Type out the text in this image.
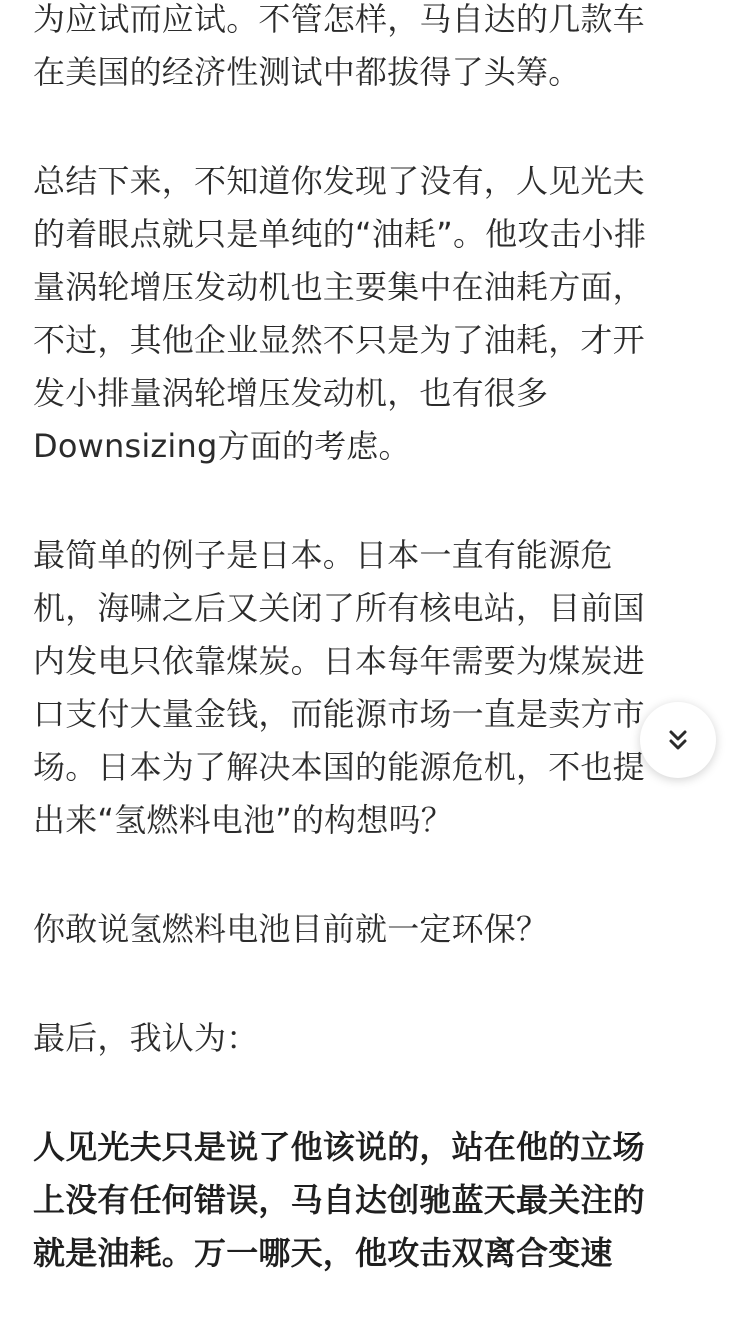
为应试而应试。不管怎样，马自达的几款车
在美国的经济性测试中都拔得了头筹。
总结下来，不知道你发现了没有，人见光夫
的着眼点就只是单纯的“油耗”。他攻击小排
量涡轮增压发动机也主要集中在油耗方面，
不过，其他企业显然不只是为了油耗，才开
发小排量涡轮增压发动机，也有很多
Downsizing方面的考虑。
最简单的例子是日本。日本一直有能源危
机，海啸之后又关闭了所有核电站，目前国
内发电只依靠煤炭。日本每年需要为煤炭进
口支付大量金钱，而能源市场一直是卖方市
场。日本为了解决本国的能源危机，不也提
出来“氢燃料电池”的构想吗？
你敢说氢燃料电池目前就一定环保？
最后，我认为：
人见光夫只是说了他该说的，站在他的立场
上没有任何错误，马自达创驰蓝天最关注的
就是油耗。万一哪天，他攻击双离合变速
